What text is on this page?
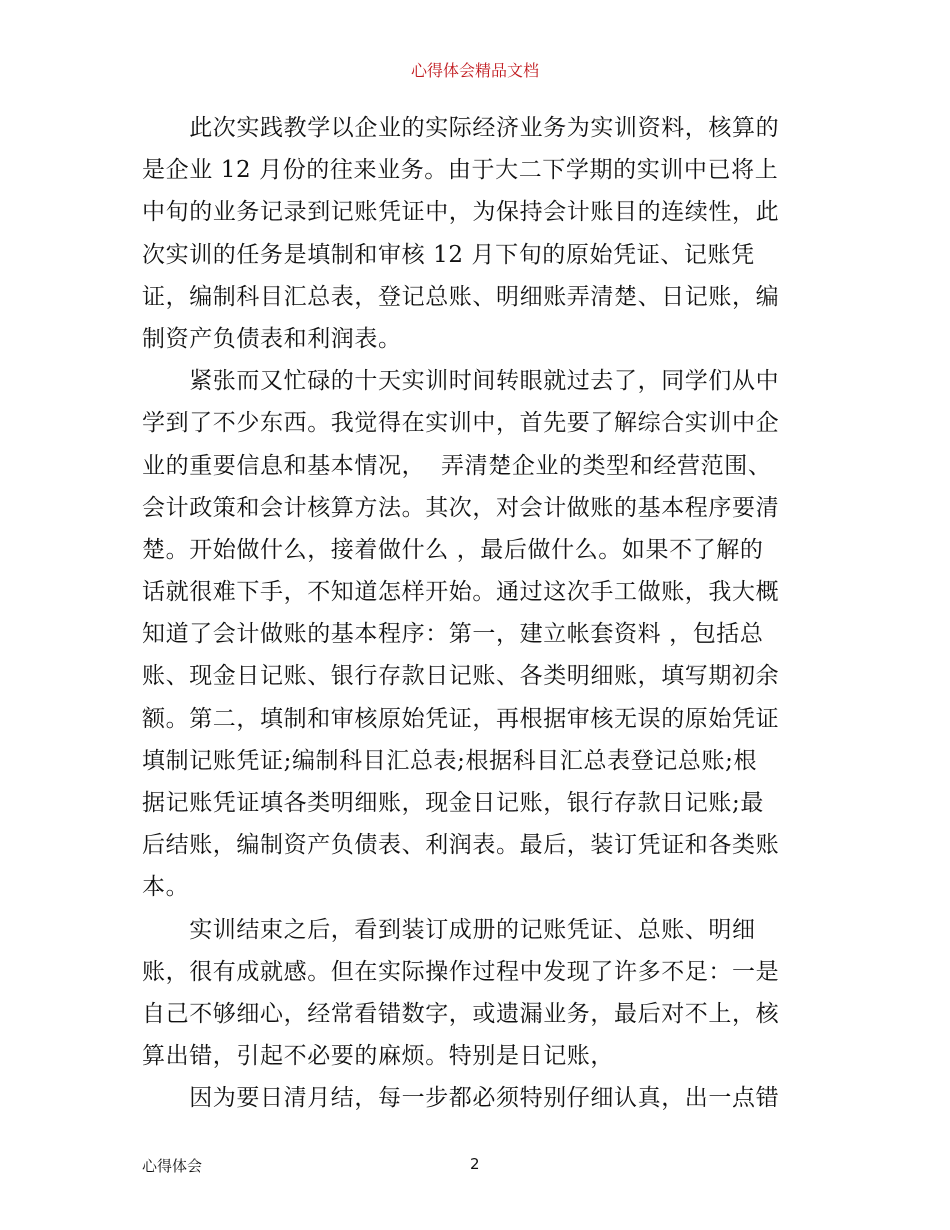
心得体会精品文档
　　此次实践教学以企业的实际经济业务为实训资料，核算的
是企业 12 月份的往来业务。由于大二下学期的实训中已将上
中旬的业务记录到记账凭证中，为保持会计账目的连续性，此
次实训的任务是填制和审核 12 月下旬的原始凭证、记账凭
证，编制科目汇总表，登记总账、明细账弄清楚、日记账，编
制资产负债表和利润表。
　　紧张而又忙碌的十天实训时间转眼就过去了，同学们从中
学到了不少东西。我觉得在实训中，首先要了解综合实训中企
业的重要信息和基本情况，  弄清楚企业的类型和经营范围、
会计政策和会计核算方法。其次，对会计做账的基本程序要清
楚。开始做什么，接着做什么 ，最后做什么。如果不了解的
话就很难下手，不知道怎样开始。通过这次手工做账，我大概
知道了会计做账的基本程序：第一，建立帐套资料 ，包括总
账、现金日记账、银行存款日记账、各类明细账，填写期初余
额。第二，填制和审核原始凭证，再根据审核无误的原始凭证
填制记账凭证;编制科目汇总表;根据科目汇总表登记总账;根
据记账凭证填各类明细账，现金日记账，银行存款日记账;最
后结账，编制资产负债表、利润表。最后，装订凭证和各类账
本。
　　实训结束之后，看到装订成册的记账凭证、总账、明细
账，很有成就感。但在实际操作过程中发现了许多不足：一是
自己不够细心，经常看错数字，或遗漏业务，最后对不上，核
算出错，引起不必要的麻烦。特别是日记账，
　　因为要日清月结，每一步都必须特别仔细认真，出一点错
心得体会	2
